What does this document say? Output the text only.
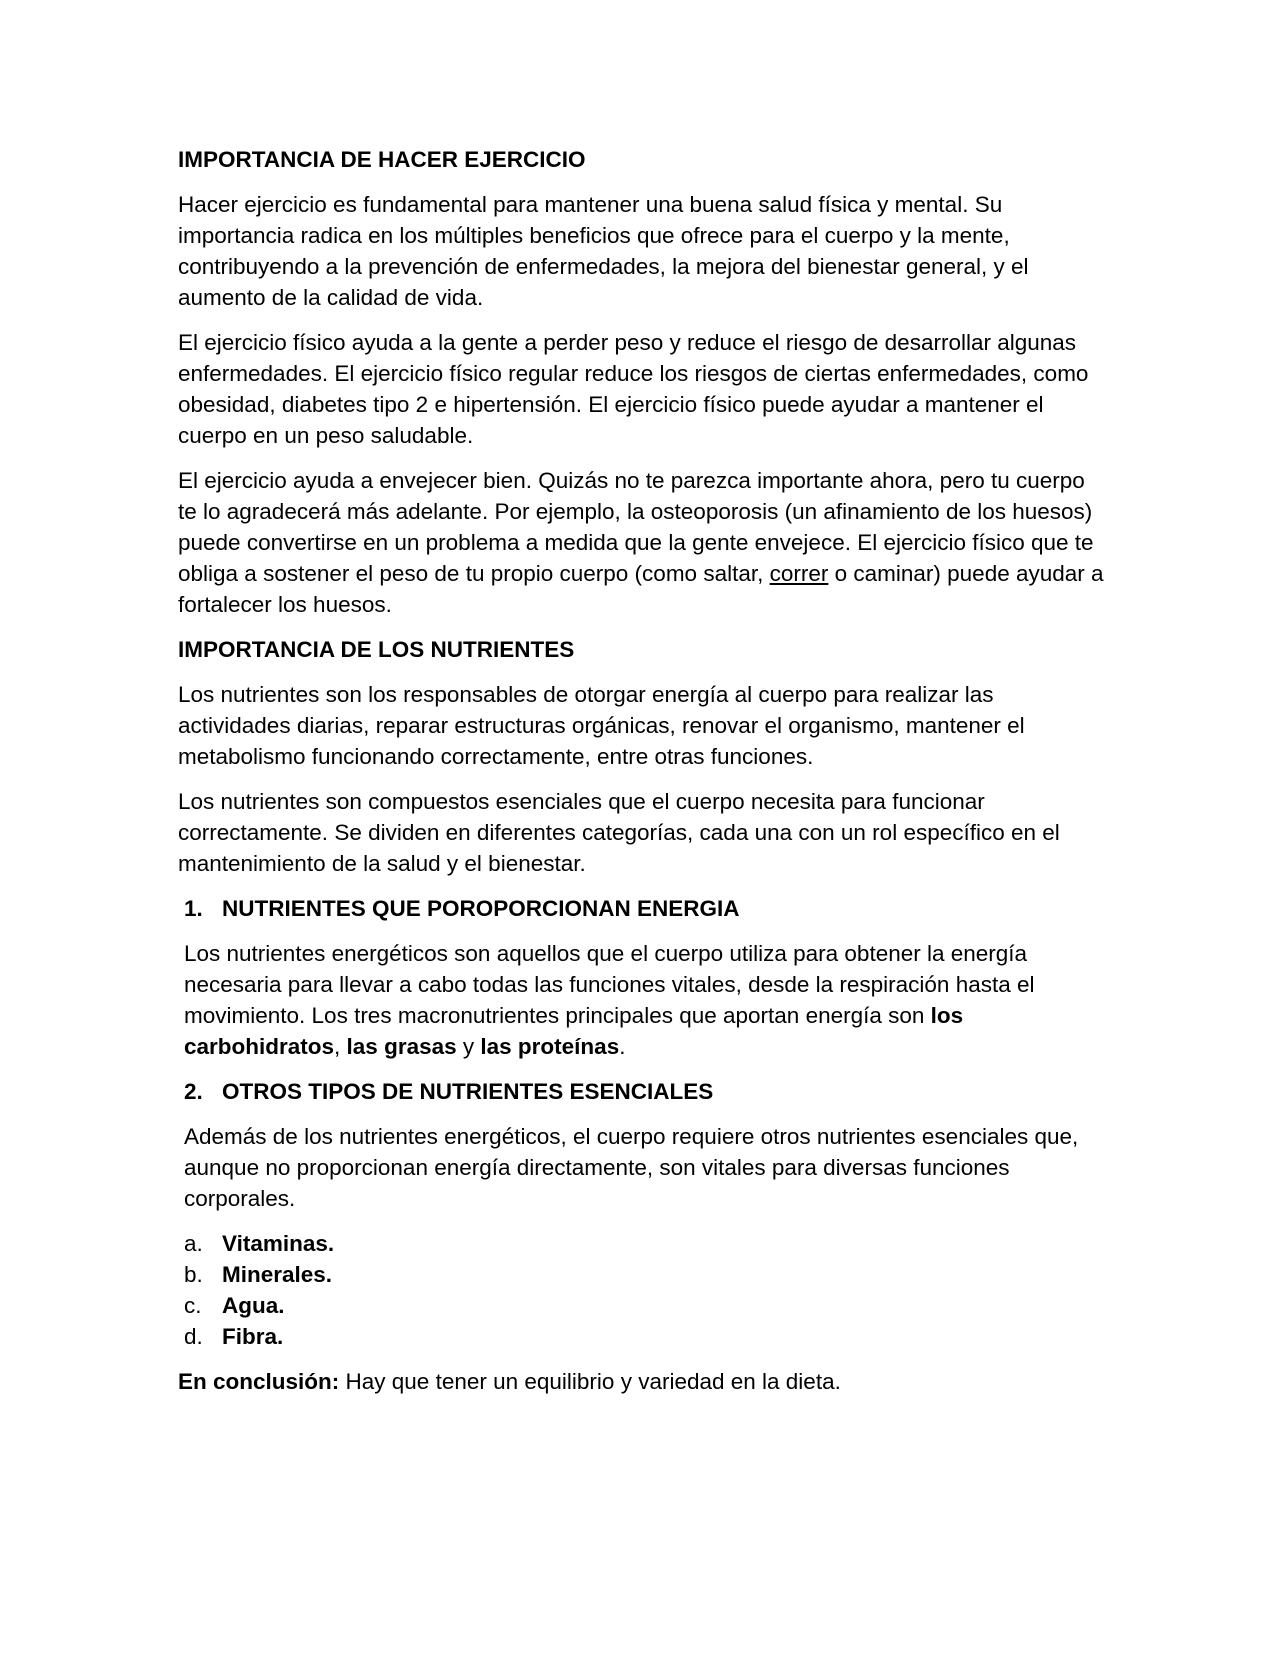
IMPORTANCIA DE HACER EJERCICIO

Hacer ejercicio es fundamental para mantener una buena salud física y mental. Su importancia radica en los múltiples beneficios que ofrece para el cuerpo y la mente, contribuyendo a la prevención de enfermedades, la mejora del bienestar general, y el aumento de la calidad de vida.

El ejercicio físico ayuda a la gente a perder peso y reduce el riesgo de desarrollar algunas enfermedades. El ejercicio físico regular reduce los riesgos de ciertas enfermedades, como obesidad, diabetes tipo 2 e hipertensión. El ejercicio físico puede ayudar a mantener el cuerpo en un peso saludable.

El ejercicio ayuda a envejecer bien. Quizás no te parezca importante ahora, pero tu cuerpo te lo agradecerá más adelante. Por ejemplo, la osteoporosis (un afinamiento de los huesos) puede convertirse en un problema a medida que la gente envejece. El ejercicio físico que te obliga a sostener el peso de tu propio cuerpo (como saltar, correr o caminar) puede ayudar a fortalecer los huesos.

IMPORTANCIA DE LOS NUTRIENTES

Los nutrientes son los responsables de otorgar energía al cuerpo para realizar las actividades diarias, reparar estructuras orgánicas, renovar el organismo, mantener el metabolismo funcionando correctamente, entre otras funciones.

Los nutrientes son compuestos esenciales que el cuerpo necesita para funcionar correctamente. Se dividen en diferentes categorías, cada una con un rol específico en el mantenimiento de la salud y el bienestar.

1. NUTRIENTES QUE POROPORCIONAN ENERGIA

Los nutrientes energéticos son aquellos que el cuerpo utiliza para obtener la energía necesaria para llevar a cabo todas las funciones vitales, desde la respiración hasta el movimiento. Los tres macronutrientes principales que aportan energía son los carbohidratos, las grasas y las proteínas.

2. OTROS TIPOS DE NUTRIENTES ESENCIALES

Además de los nutrientes energéticos, el cuerpo requiere otros nutrientes esenciales que, aunque no proporcionan energía directamente, son vitales para diversas funciones corporales.

a. Vitaminas.
b. Minerales.
c. Agua.
d. Fibra.

En conclusión: Hay que tener un equilibrio y variedad en la dieta.
